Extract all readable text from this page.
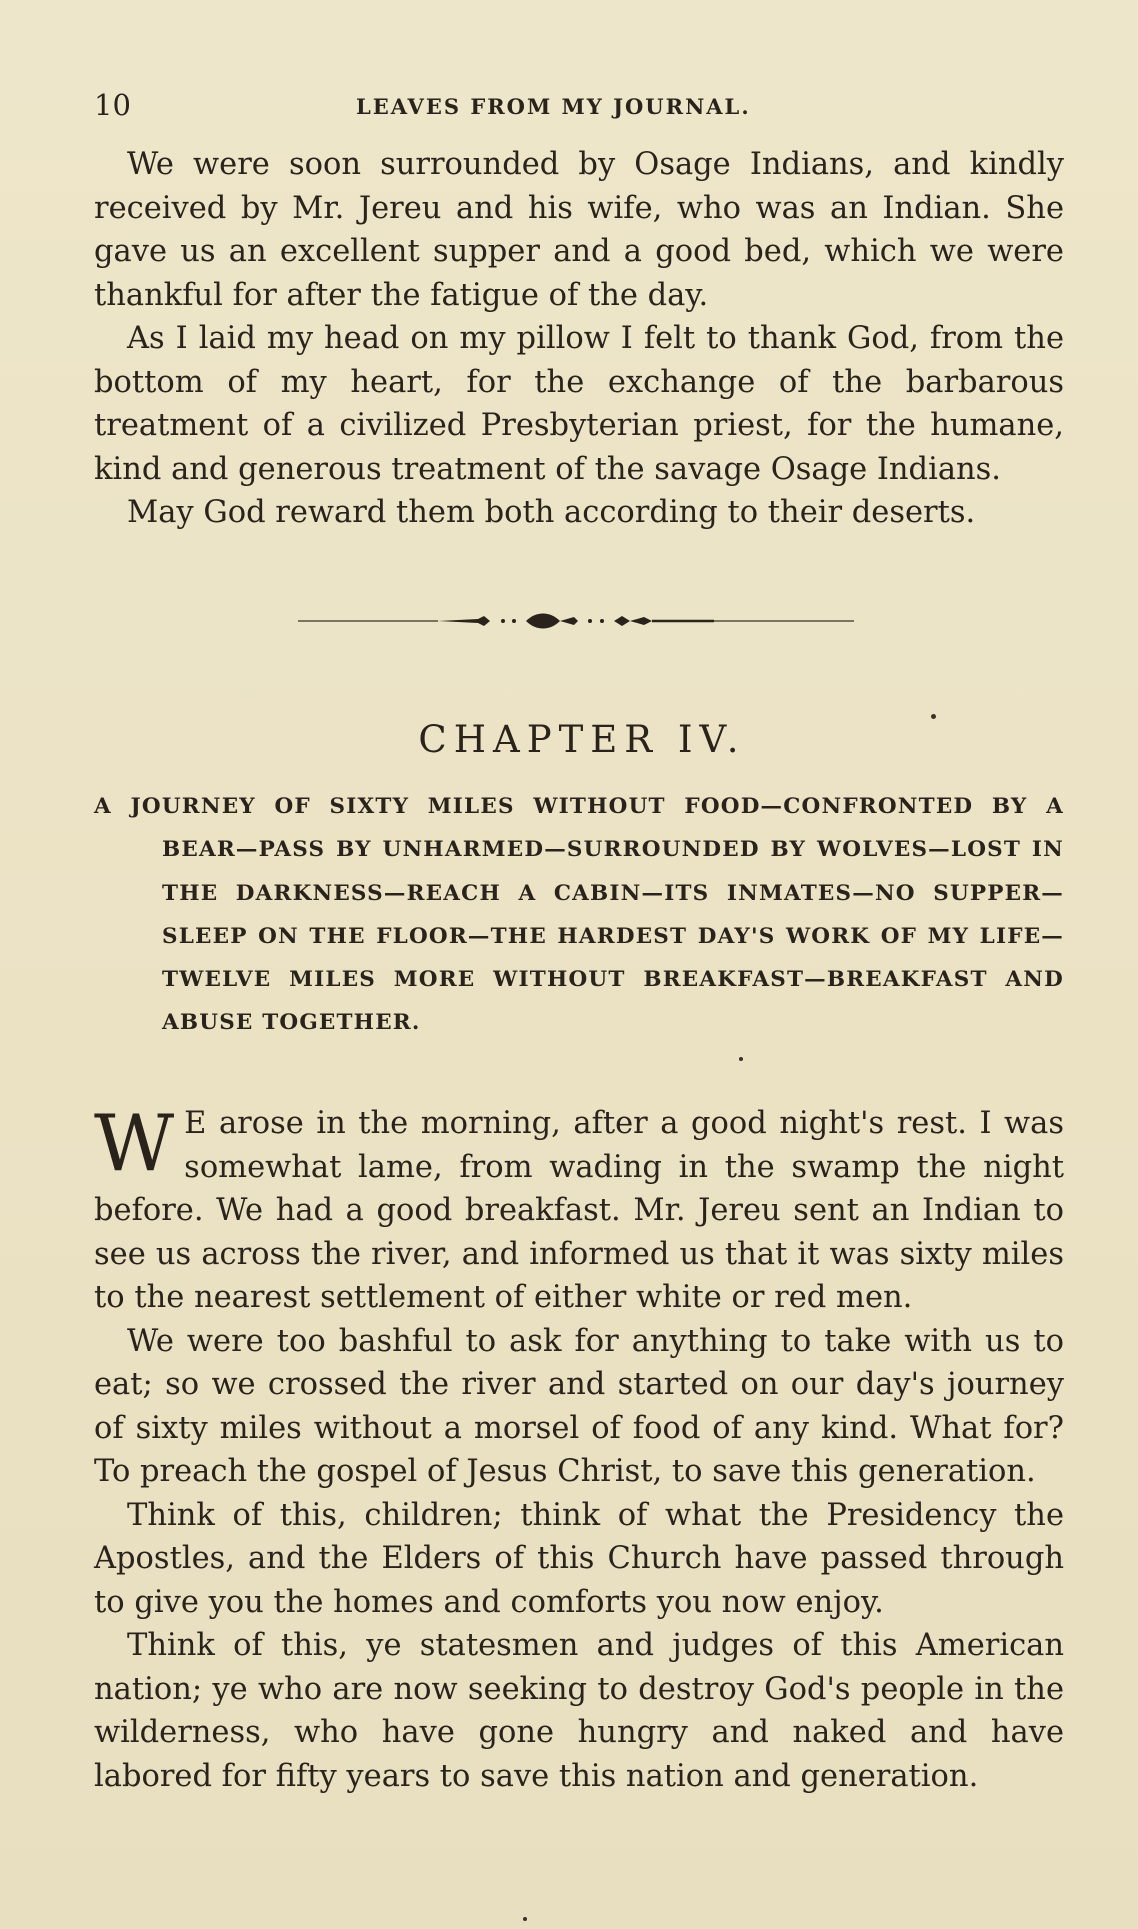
10	LEAVES FROM MY JOURNAL.

We were soon surrounded by Osage Indians, and kindly received by Mr. Jereu and his wife, who was an Indian. She gave us an excellent supper and a good bed, which we were thankful for after the fatigue of the day.

As I laid my head on my pillow I felt to thank God, from the bottom of my heart, for the exchange of the barbarous treatment of a civilized Presbyterian priest, for the humane, kind and generous treatment of the savage Osage Indians.

May God reward them both according to their deserts.

CHAPTER IV.
A JOURNEY OF SIXTY MILES WITHOUT FOOD—CONFRONTED BY A BEAR—PASS BY UNHARMED—SURROUNDED BY WOLVES—LOST IN THE DARKNESS—REACH A CABIN—ITS INMATES—NO SUPPER—SLEEP ON THE FLOOR—THE HARDEST DAY'S WORK OF MY LIFE—TWELVE MILES MORE WITHOUT BREAKFAST—BREAKFAST AND ABUSE TOGETHER.

W E arose in the morning, after a good night's rest. I was somewhat lame, from wading in the swamp the night before. We had a good breakfast. Mr. Jereu sent an Indian to see us across the river, and informed us that it was sixty miles to the nearest settlement of either white or red men.

We were too bashful to ask for anything to take with us to eat; so we crossed the river and started on our day's journey of sixty miles without a morsel of food of any kind. What for? To preach the gospel of Jesus Christ, to save this generation.

Think of this, children; think of what the Presidency the Apostles, and the Elders of this Church have passed through to give you the homes and comforts you now enjoy.

Think of this, ye statesmen and judges of this American nation; ye who are now seeking to destroy God's people in the wilderness, who have gone hungry and naked and have labored for fifty years to save this nation and generation.
